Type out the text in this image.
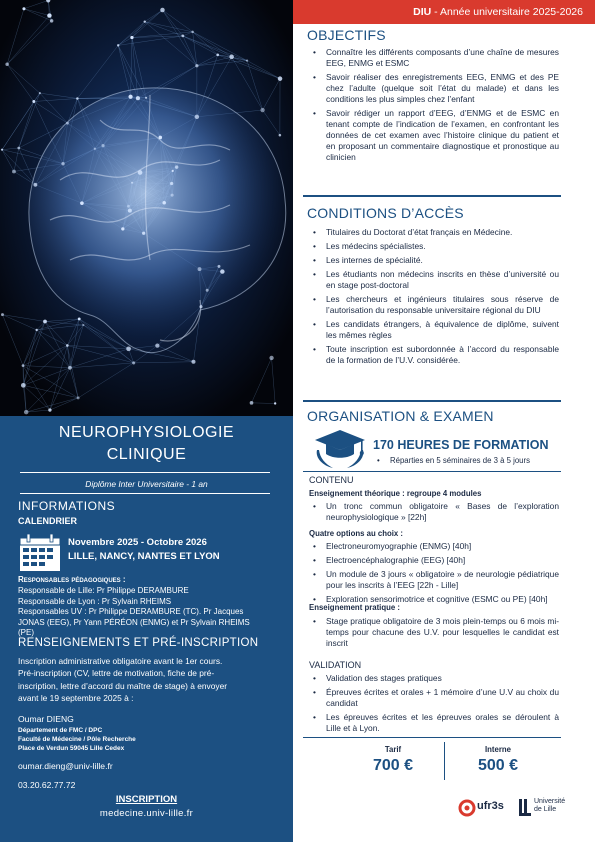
NEUROPHYSIOLOGIE
CLINIQUE
Diplôme Inter Universitaire - 1 an
INFORMATIONS
CALENDRIER
Novembre 2025 - Octobre 2026
LILLE, NANCY, NANTES ET LYON
Responsables pédagogiques :
Responsable de Lille: Pr Philippe DERAMBURE
Responsable de Lyon : Pr Sylvain RHEIMS
Responsables UV : Pr Philippe DERAMBURE (TC). Pr Jacques
JONAS (EEG), Pr Yann PÉRÉON (ENMG) et Pr Sylvain RHEIMS
(PE)
RENSEIGNEMENTS ET PRÉ-INSCRIPTION
Inscription administrative obligatoire avant le 1er cours.
Pré-inscription (CV, lettre de motivation, fiche de pré-
inscription, lettre d’accord du maître de stage) à envoyer
avant le 19 septembre 2025 à :
Oumar DIENG
Département de FMC / DPC
Faculté de Médecine / Pôle Recherche
Place de Verdun 59045 Lille Cedex
oumar.dieng@univ-lille.fr
03.20.62.77.72
INSCRIPTION
medecine.univ-lille.fr
DIU - Année universitaire 2025-2026
OBJECTIFS
• Connaître les différents composants d’une chaîne de mesures EEG, ENMG et ESMC
• Savoir réaliser des enregistrements EEG, ENMG et des PE chez l’adulte (quelque soit l’état du malade) et dans les conditions les plus simples chez l’enfant
• Savoir rédiger un rapport d’EEG, d’ENMG et de ESMC en tenant compte de l’indication de l’examen, en confrontant les données de cet examen avec l’histoire clinique du patient et en proposant un commentaire diagnostique et pronostique au clinicien
CONDITIONS D’ACCÈS
• Titulaires du Doctorat d’état français en Médecine.
• Les médecins spécialistes.
• Les internes de spécialité.
• Les étudiants non médecins inscrits en thèse d’université ou en stage post-doctoral
• Les chercheurs et ingénieurs titulaires sous réserve de l’autorisation du responsable universitaire régional du DIU
• Les candidats étrangers, à équivalence de diplôme, suivent les mêmes règles
• Toute inscription est subordonnée à l’accord du responsable de la formation de l’U.V. considérée.
ORGANISATION & EXAMEN
170 HEURES DE FORMATION
• Réparties en 5 séminaires de 3 à 5 jours
CONTENU
Enseignement théorique : regroupe 4 modules
• Un tronc commun obligatoire « Bases de l’exploration neurophysiologique » [22h]
Quatre options au choix :
• Electroneuromyographie (ENMG) [40h]
• Electroencéphalographie (EEG) [40h]
• Un module de 3 jours « obligatoire » de neurologie pédiatrique pour les inscrits à l’EEG [22h - Lille]
• Exploration sensorimotrice et cognitive (ESMC ou PE) [40h]
Enseignement pratique :
• Stage pratique obligatoire de 3 mois plein-temps ou 6 mois mi-temps pour chacune des U.V. pour lesquelles le candidat est inscrit
VALIDATION
• Validation des stages pratiques
• Épreuves écrites et orales + 1 mémoire d’une U.V au choix du candidat
• Les épreuves écrites et les épreuves orales se déroulent à Lille et à Lyon.
Tarif
700 €
Interne
500 €
ufr3s	Université de Lille
